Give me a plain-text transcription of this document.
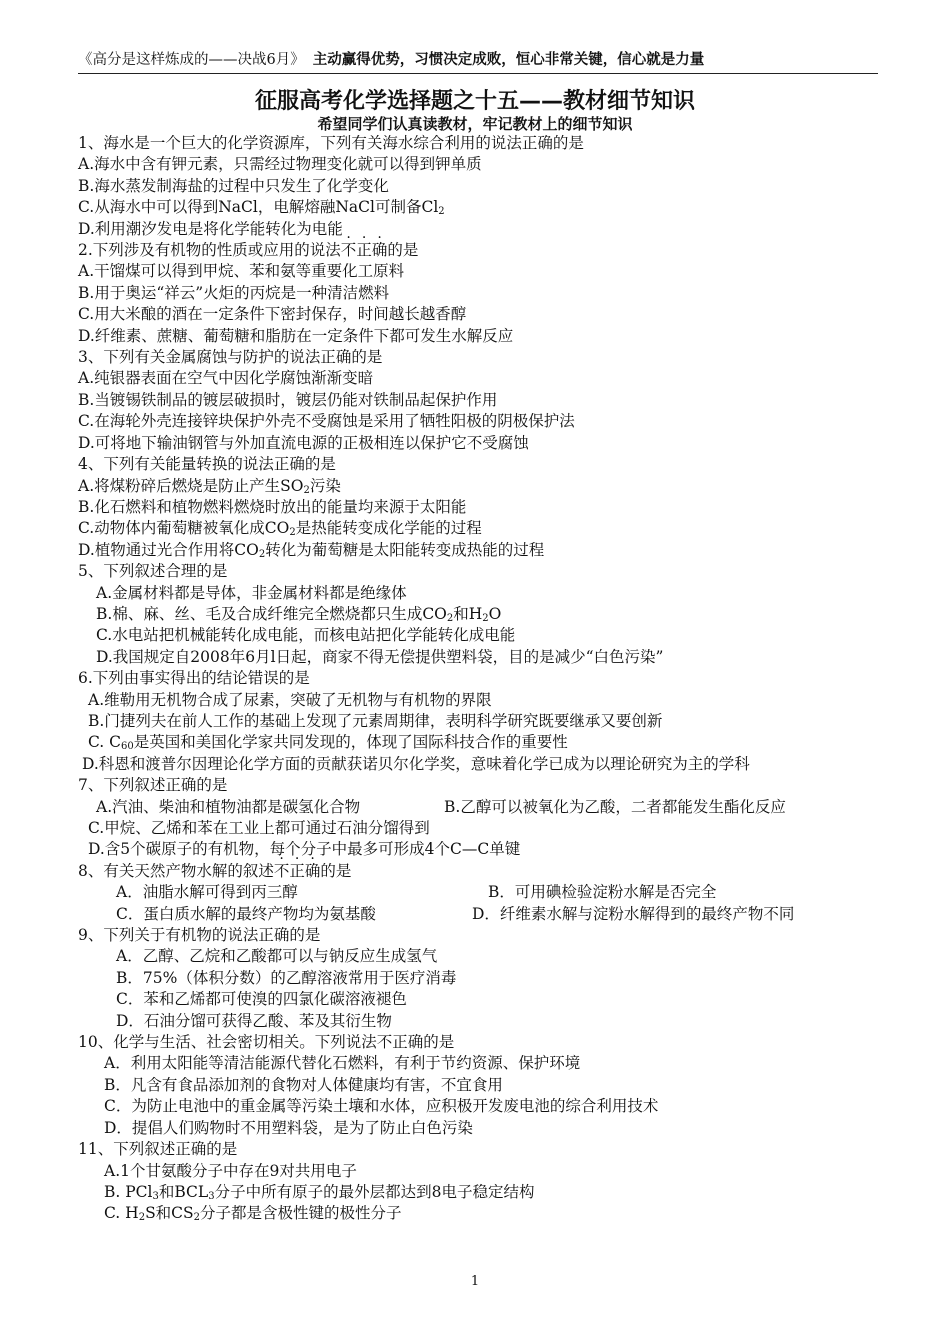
《高分是这样炼成的——决战6月》 主动赢得优势，习惯决定成败，恒心非常关键，信心就是力量
征服高考化学选择题之十五——教材细节知识
希望同学们认真读教材，牢记教材上的细节知识
1、海水是一个巨大的化学资源库，下列有关海水综合利用的说法正确的是
A.海水中含有钾元素，只需经过物理变化就可以得到钾单质
B.海水蒸发制海盐的过程中只发生了化学变化
C.从海水中可以得到NaCl，电解熔融NaCl可制备$Cl_2$
D.利用潮汐发电是将化学能转化为电能
2.下列涉及有机物的性质或应用的说法不正确的是
A.干馏煤可以得到甲烷、苯和氨等重要化工原料
B.用于奥运“祥云”火炬的丙烷是一种清洁燃料
C.用大米酿的酒在一定条件下密封保存，时间越长越香醇
D.纤维素、蔗糖、葡萄糖和脂肪在一定条件下都可发生水解反应
3、下列有关金属腐蚀与防护的说法正确的是
A.纯银器表面在空气中因化学腐蚀渐渐变暗
B.当镀锡铁制品的镀层破损时，镀层仍能对铁制品起保护作用
C.在海轮外壳连接锌块保护外壳不受腐蚀是采用了牺牲阳极的阴极保护法
D.可将地下输油钢管与外加直流电源的正极相连以保护它不受腐蚀
4、下列有关能量转换的说法正确的是
A.将煤粉碎后燃烧是防止产生$SO_2$污染
B.化石燃料和植物燃料燃烧时放出的能量均来源于太阳能
C.动物体内葡萄糖被氧化成$CO_2$是热能转变成化学能的过程
D.植物通过光合作用将$CO_2$转化为葡萄糖是太阳能转变成热能的过程
5、下列叙述合理的是
A.金属材料都是导体，非金属材料都是绝缘体
B.棉、麻、丝、毛及合成纤维完全燃烧都只生成$CO_2$和$H_2O$
C.水电站把机械能转化成电能，而核电站把化学能转化成电能
D.我国规定自2008年6月l日起，商家不得无偿提供塑料袋，目的是减少“白色污染”
6.下列由事实得出的结论错误的是
A.维勒用无机物合成了尿素，突破了无机物与有机物的界限
B.门捷列夫在前人工作的基础上发现了元素周期律，表明科学研究既要继承又要创新
C. $C_{60}$是英国和美国化学家共同发现的，体现了国际科技合作的重要性
D.科恩和渡普尔因理论化学方面的贡献获诺贝尔化学奖，意味着化学已成为以理论研究为主的学科
7、下列叙述正确的是
A.汽油、柴油和植物油都是碳氢化合物	B.乙醇可以被氧化为乙酸，二者都能发生酯化反应
C.甲烷、乙烯和苯在工业上都可通过石油分馏得到
D.含5个碳原子的有机物，每个分子中最多可形成4个C—C单键
8、有关天然产物水解的叙述不正确的是
A．油脂水解可得到丙三醇	B．可用碘检验淀粉水解是否完全
C．蛋白质水解的最终产物均为氨基酸	D．纤维素水解与淀粉水解得到的最终产物不同
9、下列关于有机物的说法正确的是
A．乙醇、乙烷和乙酸都可以与钠反应生成氢气
B．75%（体积分数）的乙醇溶液常用于医疗消毒
C．苯和乙烯都可使溴的四氯化碳溶液褪色
D．石油分馏可获得乙酸、苯及其衍生物
10、化学与生活、社会密切相关。下列说法不正确的是
A．利用太阳能等清洁能源代替化石燃料，有利于节约资源、保护环境
B．凡含有食品添加剂的食物对人体健康均有害，不宜食用
C．为防止电池中的重金属等污染土壤和水体，应积极开发废电池的综合利用技术
D．提倡人们购物时不用塑料袋，是为了防止白色污染
11、下列叙述正确的是
A.1个甘氨酸分子中存在9对共用电子
B. PCl$_3$和$BCL_3$分子中所有原子的最外层都达到8电子稳定结构
C. $H_2S$和$CS_2$分子都是含极性键的极性分子
1
